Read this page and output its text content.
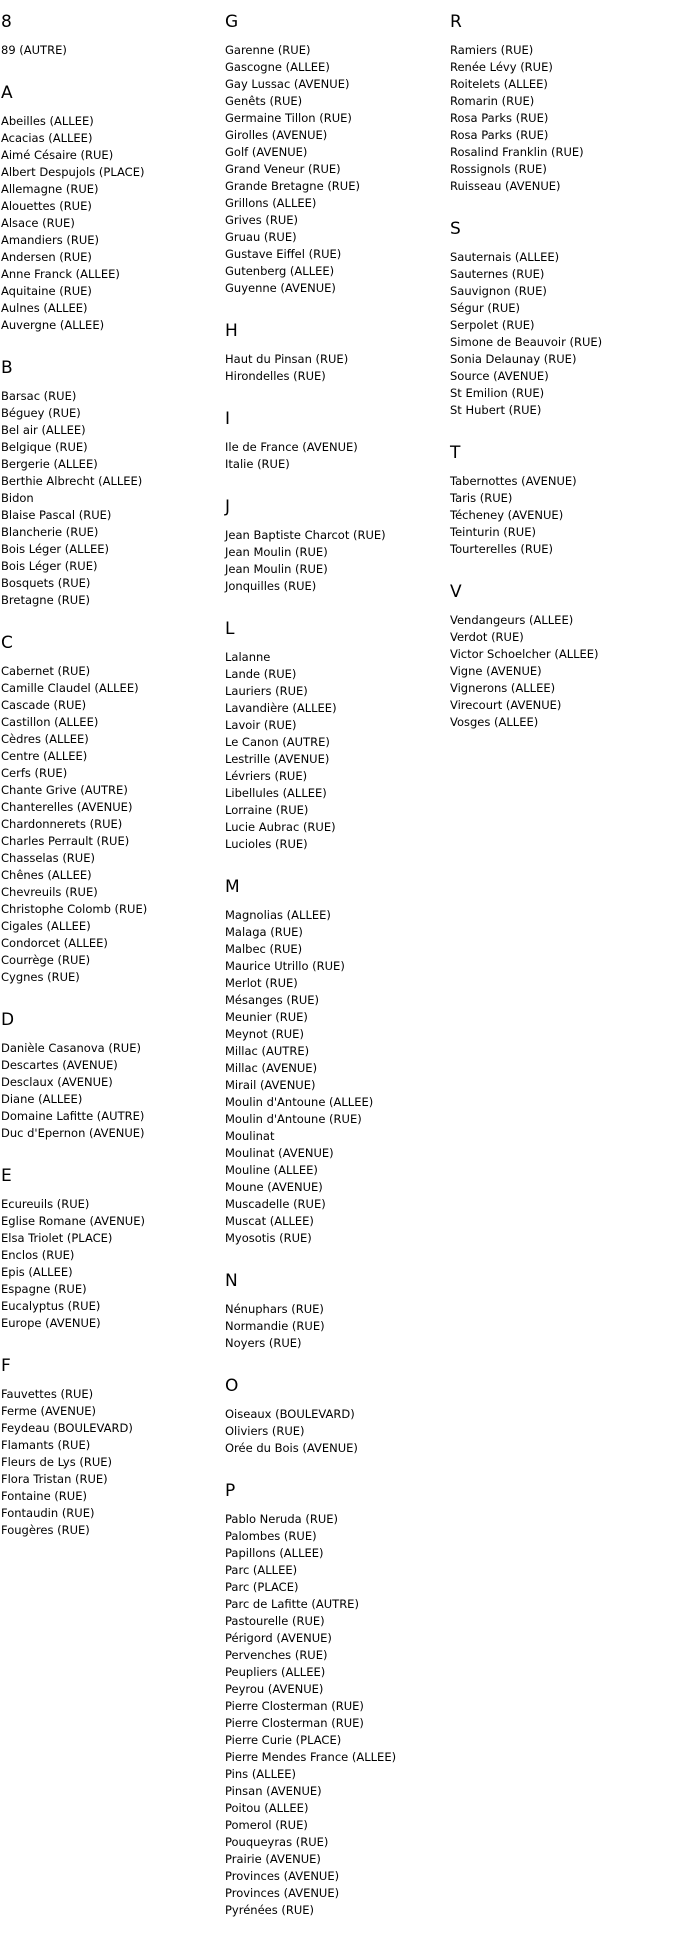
8
89 (AUTRE)
A
Abeilles (ALLEE)
Acacias (ALLEE)
Aimé Césaire (RUE)
Albert Despujols (PLACE)
Allemagne (RUE)
Alouettes (RUE)
Alsace (RUE)
Amandiers (RUE)
Andersen (RUE)
Anne Franck (ALLEE)
Aquitaine (RUE)
Aulnes (ALLEE)
Auvergne (ALLEE)
B
Barsac (RUE)
Béguey (RUE)
Bel air (ALLEE)
Belgique (RUE)
Bergerie (ALLEE)
Berthie Albrecht (ALLEE)
Bidon
Blaise Pascal (RUE)
Blancherie (RUE)
Bois Léger (ALLEE)
Bois Léger (RUE)
Bosquets (RUE)
Bretagne (RUE)
C
Cabernet (RUE)
Camille Claudel (ALLEE)
Cascade (RUE)
Castillon (ALLEE)
Cèdres (ALLEE)
Centre (ALLEE)
Cerfs (RUE)
Chante Grive (AUTRE)
Chanterelles (AVENUE)
Chardonnerets (RUE)
Charles Perrault (RUE)
Chasselas (RUE)
Chênes (ALLEE)
Chevreuils (RUE)
Christophe Colomb (RUE)
Cigales (ALLEE)
Condorcet (ALLEE)
Courrège (RUE)
Cygnes (RUE)
D
Danièle Casanova (RUE)
Descartes (AVENUE)
Desclaux (AVENUE)
Diane (ALLEE)
Domaine Lafitte (AUTRE)
Duc d'Epernon (AVENUE)
E
Ecureuils (RUE)
Eglise Romane (AVENUE)
Elsa Triolet (PLACE)
Enclos (RUE)
Epis (ALLEE)
Espagne (RUE)
Eucalyptus (RUE)
Europe (AVENUE)
F
Fauvettes (RUE)
Ferme (AVENUE)
Feydeau (BOULEVARD)
Flamants (RUE)
Fleurs de Lys (RUE)
Flora Tristan (RUE)
Fontaine (RUE)
Fontaudin (RUE)
Fougères (RUE)
G
Garenne (RUE)
Gascogne (ALLEE)
Gay Lussac (AVENUE)
Genêts (RUE)
Germaine Tillon (RUE)
Girolles (AVENUE)
Golf (AVENUE)
Grand Veneur (RUE)
Grande Bretagne (RUE)
Grillons (ALLEE)
Grives (RUE)
Gruau (RUE)
Gustave Eiffel (RUE)
Gutenberg (ALLEE)
Guyenne (AVENUE)
H
Haut du Pinsan (RUE)
Hirondelles (RUE)
I
Ile de France (AVENUE)
Italie (RUE)
J
Jean Baptiste Charcot (RUE)
Jean Moulin (RUE)
Jean Moulin (RUE)
Jonquilles (RUE)
L
Lalanne
Lande (RUE)
Lauriers (RUE)
Lavandière (ALLEE)
Lavoir (RUE)
Le Canon (AUTRE)
Lestrille (AVENUE)
Lévriers (RUE)
Libellules (ALLEE)
Lorraine (RUE)
Lucie Aubrac (RUE)
Lucioles (RUE)
M
Magnolias (ALLEE)
Malaga (RUE)
Malbec (RUE)
Maurice Utrillo (RUE)
Merlot (RUE)
Mésanges (RUE)
Meunier (RUE)
Meynot (RUE)
Millac (AUTRE)
Millac (AVENUE)
Mirail (AVENUE)
Moulin d'Antoune (ALLEE)
Moulin d'Antoune (RUE)
Moulinat
Moulinat (AVENUE)
Mouline (ALLEE)
Moune (AVENUE)
Muscadelle (RUE)
Muscat (ALLEE)
Myosotis (RUE)
N
Nénuphars (RUE)
Normandie (RUE)
Noyers (RUE)
O
Oiseaux (BOULEVARD)
Oliviers (RUE)
Orée du Bois (AVENUE)
P
Pablo Neruda (RUE)
Palombes (RUE)
Papillons (ALLEE)
Parc (ALLEE)
Parc (PLACE)
Parc de Lafitte (AUTRE)
Pastourelle (RUE)
Périgord (AVENUE)
Pervenches (RUE)
Peupliers (ALLEE)
Peyrou (AVENUE)
Pierre Closterman (RUE)
Pierre Closterman (RUE)
Pierre Curie (PLACE)
Pierre Mendes France (ALLEE)
Pins (ALLEE)
Pinsan (AVENUE)
Poitou (ALLEE)
Pomerol (RUE)
Pouqueyras (RUE)
Prairie (AVENUE)
Provinces (AVENUE)
Provinces (AVENUE)
Pyrénées (RUE)
R
Ramiers (RUE)
Renée Lévy (RUE)
Roitelets (ALLEE)
Romarin (RUE)
Rosa Parks (RUE)
Rosa Parks (RUE)
Rosalind Franklin (RUE)
Rossignols (RUE)
Ruisseau (AVENUE)
S
Sauternais (ALLEE)
Sauternes (RUE)
Sauvignon (RUE)
Ségur (RUE)
Serpolet (RUE)
Simone de Beauvoir (RUE)
Sonia Delaunay (RUE)
Source (AVENUE)
St Emilion (RUE)
St Hubert (RUE)
T
Tabernottes (AVENUE)
Taris (RUE)
Técheney (AVENUE)
Teinturin (RUE)
Tourterelles (RUE)
V
Vendangeurs (ALLEE)
Verdot (RUE)
Victor Schoelcher (ALLEE)
Vigne (AVENUE)
Vignerons (ALLEE)
Virecourt (AVENUE)
Vosges (ALLEE)
